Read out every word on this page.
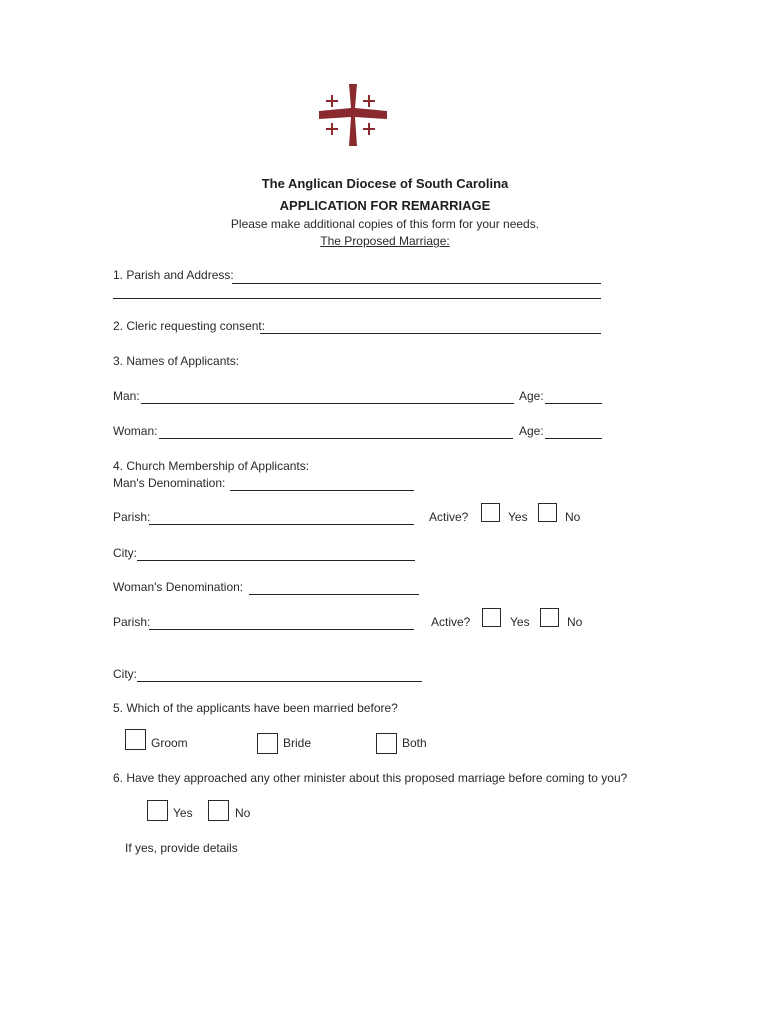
The Anglican Diocese of South Carolina
APPLICATION FOR REMARRIAGE
Please make additional copies of this form for your needs.
The Proposed Marriage:
1. Parish and Address:
2. Cleric requesting consent:
3. Names of Applicants:
Man:	Age:
Woman:	Age:
4. Church Membership of Applicants:
Man's Denomination:
Parish:	Active?	Yes	No
City:
Woman's Denomination:
Parish:	Active?	Yes	No
City:
5. Which of the applicants have been married before?
Groom	Bride	Both
6. Have they approached any other minister about this proposed marriage before coming to you?
Yes	No
If yes, provide details
